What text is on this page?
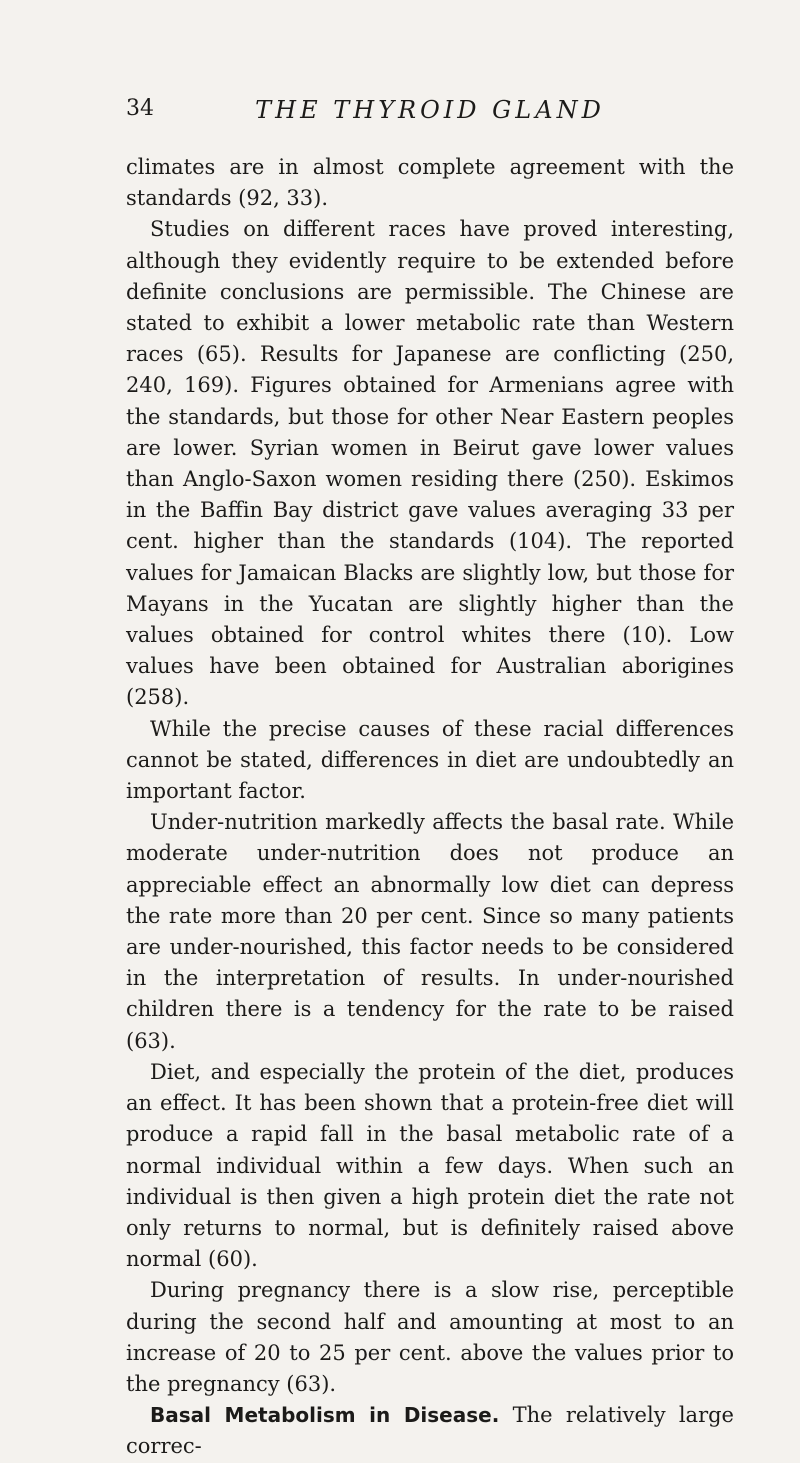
34	THE THYROID GLAND

climates are in almost complete agreement with the standards (92, 33).

Studies on different races have proved interesting, although they evidently require to be extended before definite conclusions are permissible. The Chinese are stated to exhibit a lower metabolic rate than Western races (65). Results for Japanese are conflicting (250, 240, 169). Figures obtained for Armenians agree with the standards, but those for other Near Eastern peoples are lower. Syrian women in Beirut gave lower values than Anglo-Saxon women residing there (250). Eskimos in the Baffin Bay district gave values averaging 33 per cent. higher than the standards (104). The reported values for Jamaican Blacks are slightly low, but those for Mayans in the Yucatan are slightly higher than the values obtained for control whites there (10). Low values have been obtained for Australian aborigines (258).

While the precise causes of these racial differences cannot be stated, differences in diet are undoubtedly an important factor.

Under-nutrition markedly affects the basal rate. While moderate under-nutrition does not produce an appreciable effect an abnormally low diet can depress the rate more than 20 per cent. Since so many patients are under-nourished, this factor needs to be considered in the interpretation of results. In under-nourished children there is a tendency for the rate to be raised (63).

Diet, and especially the protein of the diet, produces an effect. It has been shown that a protein-free diet will produce a rapid fall in the basal metabolic rate of a normal individual within a few days. When such an individual is then given a high protein diet the rate not only returns to normal, but is definitely raised above normal (60).

During pregnancy there is a slow rise, perceptible during the second half and amounting at most to an increase of 20 to 25 per cent. above the values prior to the pregnancy (63).

Basal Metabolism in Disease. The relatively large correc-
